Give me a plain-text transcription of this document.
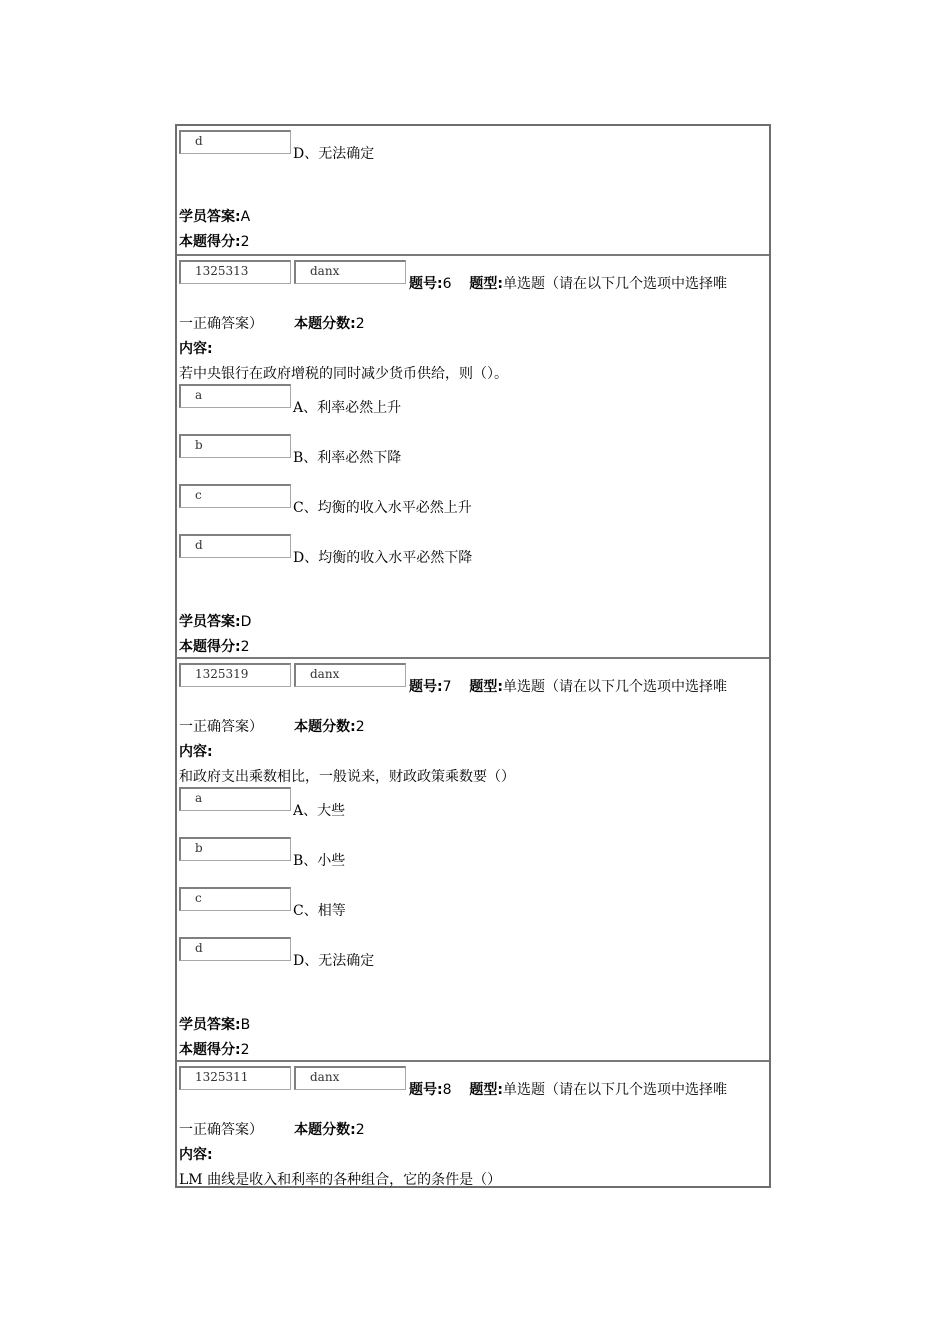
d
D、无法确定
学员答案:A
本题得分:2
1325313	danx
题号:6 题型:单选题（请在以下几个选项中选择唯
一正确答案） 本题分数:2
内容:
若中央银行在政府增税的同时减少货币供给，则（）。
a
A、利率必然上升
b
B、利率必然下降
c
C、均衡的收入水平必然上升
d
D、均衡的收入水平必然下降
学员答案:D
本题得分:2
1325319	danx
题号:7 题型:单选题（请在以下几个选项中选择唯
一正确答案） 本题分数:2
内容:
和政府支出乘数相比，一般说来，财政政策乘数要（）
a
A、大些
b
B、小些
c
C、相等
d
D、无法确定
学员答案:B
本题得分:2
1325311	danx
题号:8 题型:单选题（请在以下几个选项中选择唯
一正确答案） 本题分数:2
内容:
LM 曲线是收入和利率的各种组合，它的条件是（）
